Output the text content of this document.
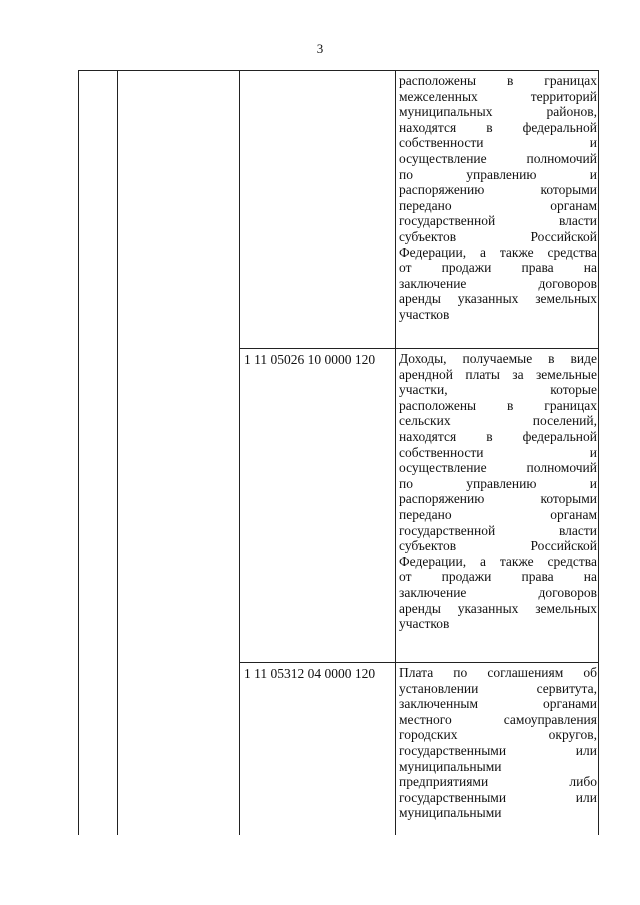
3
расположены в границах
межселенных территорий
муниципальных районов,
находятся в федеральной
собственности и
осуществление полномочий
по управлению и
распоряжению которыми
передано органам
государственной власти
субъектов Российской
Федерации, а также средства
от продажи права на
заключение договоров
аренды указанных земельных
участков
1 11 05026 10 0000 120 Доходы, получаемые в виде
арендной платы за земельные
участки, которые
расположены в границах
сельских поселений,
находятся в федеральной
собственности и
осуществление полномочий
по управлению и
распоряжению которыми
передано органам
государственной власти
субъектов Российской
Федерации, а также средства
от продажи права на
заключение договоров
аренды указанных земельных
участков
1 11 05312 04 0000 120 Плата по соглашениям об
установлении сервитута,
заключенным органами
местного самоуправления
городских округов,
государственными или
муниципальными
предприятиями либо
государственными или
муниципальными
